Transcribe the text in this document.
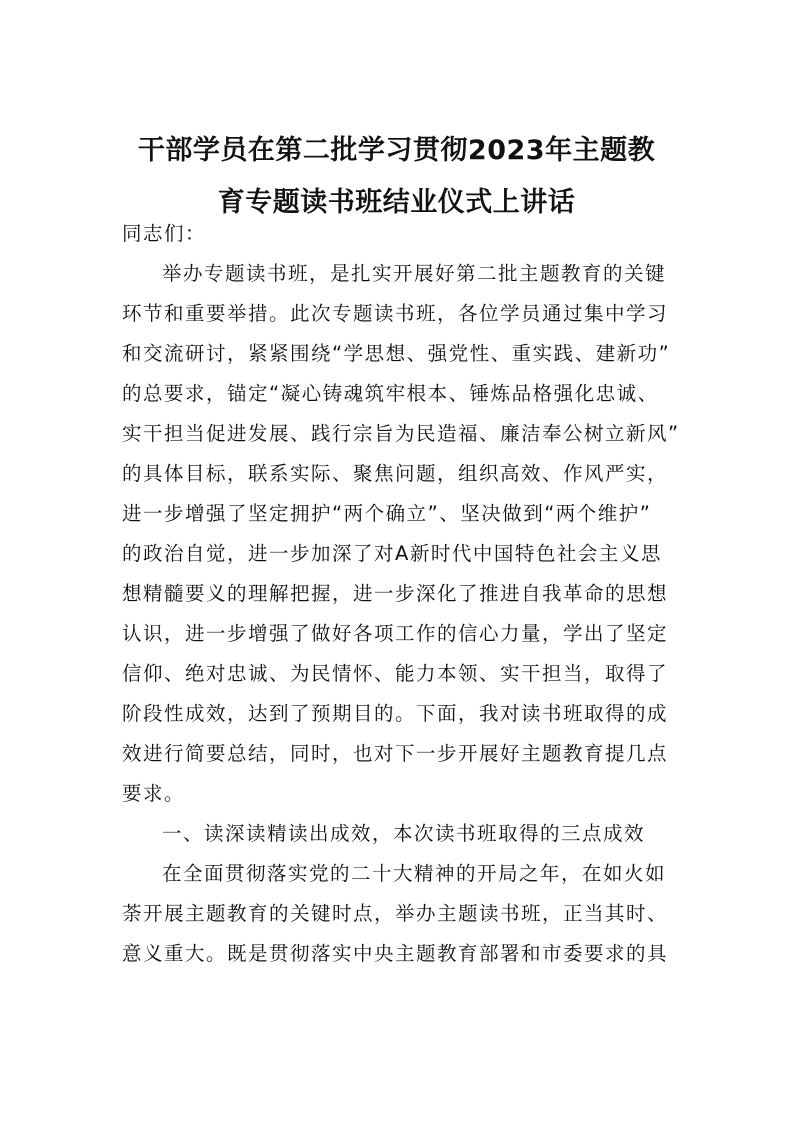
干部学员在第二批学习贯彻2023年主题教
育专题读书班结业仪式上讲话
同志们：
举办专题读书班，是扎实开展好第二批主题教育的关键
环节和重要举措。此次专题读书班，各位学员通过集中学习
和交流研讨，紧紧围绕“学思想、强党性、重实践、建新功”
的总要求，锚定“凝心铸魂筑牢根本、锤炼品格强化忠诚、
实干担当促进发展、践行宗旨为民造福、廉洁奉公树立新风”
的具体目标，联系实际、聚焦问题，组织高效、作风严实，
进一步增强了坚定拥护“两个确立”、坚决做到“两个维护”
的政治自觉，进一步加深了对A新时代中国特色社会主义思
想精髓要义的理解把握，进一步深化了推进自我革命的思想
认识，进一步增强了做好各项工作的信心力量，学出了坚定
信仰、绝对忠诚、为民情怀、能力本领、实干担当，取得了
阶段性成效，达到了预期目的。下面，我对读书班取得的成
效进行简要总结，同时，也对下一步开展好主题教育提几点
要求。
一、读深读精读出成效，本次读书班取得的三点成效
在全面贯彻落实党的二十大精神的开局之年，在如火如
荼开展主题教育的关键时点，举办主题读书班，正当其时、
意义重大。既是贯彻落实中央主题教育部署和市委要求的具
